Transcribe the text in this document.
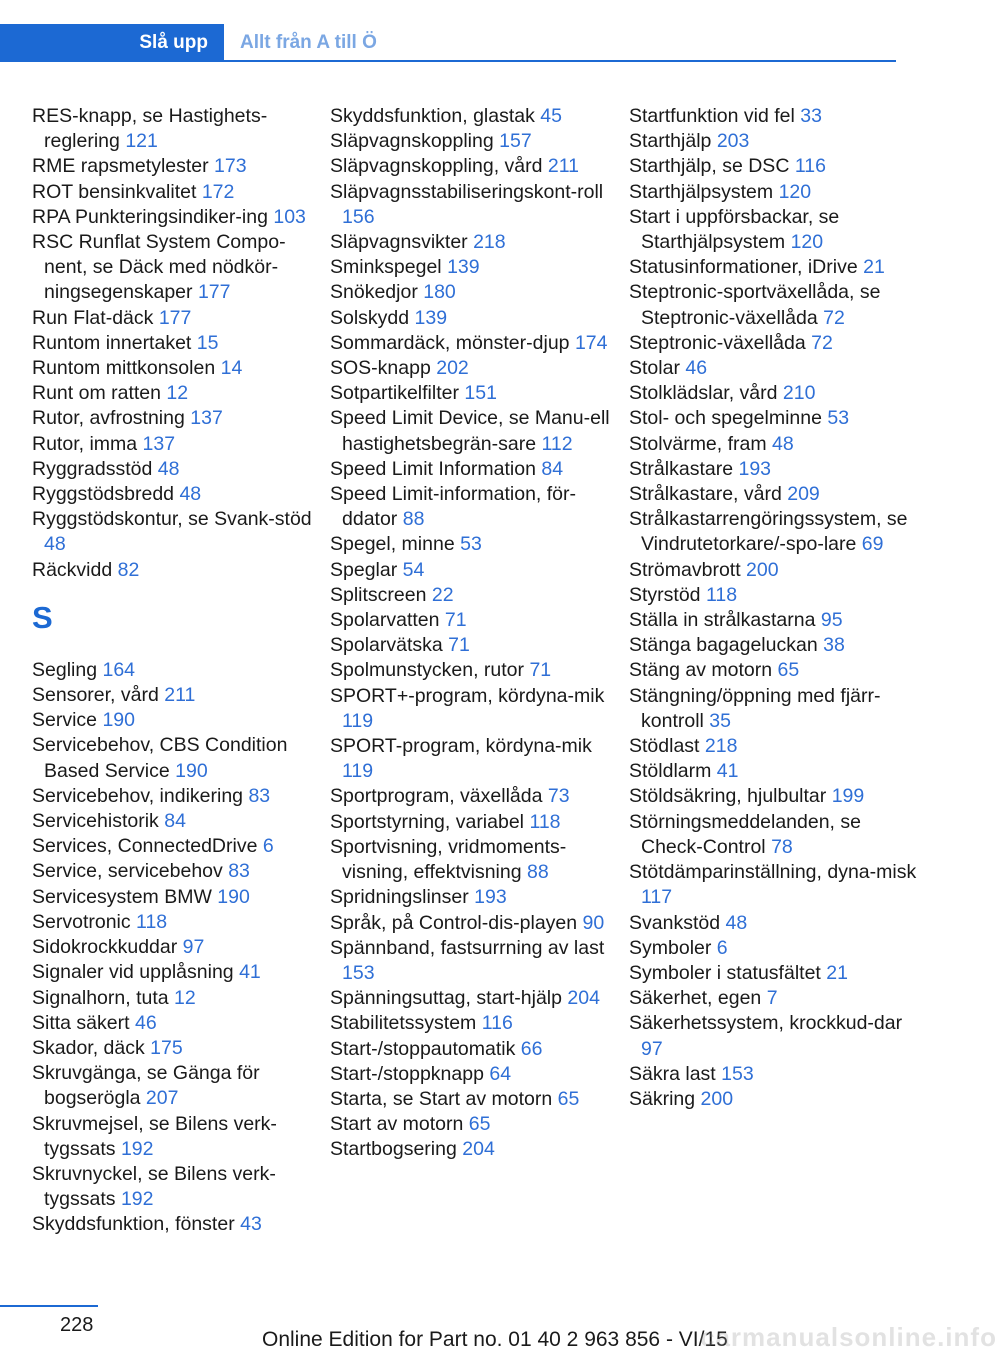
Slå upp	Allt från A till Ö
RES-knapp, se Hastighets-reglering 121
RME rapsmetylester 173
ROT bensinkvalitet 172
RPA Punkteringsindiker-ing 103
RSC Runflat System Compo-nent, se Däck med nödkör-ningsegenskaper 177
Run Flat-däck 177
Runtom innertaket 15
Runtom mittkonsolen 14
Runt om ratten 12
Rutor, avfrostning 137
Rutor, imma 137
Ryggradsstöd 48
Ryggstödsbredd 48
Ryggstödskontur, se Svank-stöd 48
Räckvidd 82
S
Segling 164
Sensorer, vård 211
Service 190
Servicebehov, CBS Condition Based Service 190
Servicebehov, indikering 83
Servicehistorik 84
Services, ConnectedDrive 6
Service, servicebehov 83
Servicesystem BMW 190
Servotronic 118
Sidokrockkuddar 97
Signaler vid upplåsning 41
Signalhorn, tuta 12
Sitta säkert 46
Skador, däck 175
Skruvgänga, se Gänga för bogserögla 207
Skruvmejsel, se Bilens verk-tygssats 192
Skruvnyckel, se Bilens verk-tygssats 192
Skyddsfunktion, fönster 43
Skyddsfunktion, glastak 45
Släpvagnskoppling 157
Släpvagnskoppling, vård 211
Släpvagnsstabiliseringskont-roll 156
Släpvagnsvikter 218
Sminkspegel 139
Snökedjor 180
Solskydd 139
Sommardäck, mönster-djup 174
SOS-knapp 202
Sotpartikelfilter 151
Speed Limit Device, se Manu-ell hastighetsbegrän-sare 112
Speed Limit Information 84
Speed Limit-information, för-ddator 88
Spegel, minne 53
Speglar 54
Splitscreen 22
Spolarvatten 71
Spolarvätska 71
Spolmunstycken, rutor 71
SPORT+-program, kördyna-mik 119
SPORT-program, kördyna-mik 119
Sportprogram, växellåda 73
Sportstyrning, variabel 118
Sportvisning, vridmoments-visning, effektvisning 88
Spridningslinser 193
Språk, på Control-dis-playen 90
Spännband, fastsurrning av last 153
Spänningsuttag, start-hjälp 204
Stabilitetssystem 116
Start-/stoppautomatik 66
Start-/stoppknapp 64
Starta, se Start av motorn 65
Start av motorn 65
Startbogsering 204
Startfunktion vid fel 33
Starthjälp 203
Starthjälp, se DSC 116
Starthjälpsystem 120
Start i uppförsbackar, se Starthjälpsystem 120
Statusinformationer, iDrive 21
Steptronic-sportväxellåda, se Steptronic-växellåda 72
Steptronic-växellåda 72
Stolar 46
Stolklädslar, vård 210
Stol- och spegelminne 53
Stolvärme, fram 48
Strålkastare 193
Strålkastare, vård 209
Strålkastarrengöringssystem, se Vindrutetorkare/-spo-lare 69
Strömavbrott 200
Styrstöd 118
Ställa in strålkastarna 95
Stänga bagageluckan 38
Stäng av motorn 65
Stängning/öppning med fjärr-kontroll 35
Stödlast 218
Stöldlarm 41
Stöldsäkring, hjulbultar 199
Störningsmeddelanden, se Check-Control 78
Stötdämparinställning, dyna-misk 117
Svankstöd 48
Symboler 6
Symboler i statusfältet 21
Säkerhet, egen 7
Säkerhetssystem, krockkud-dar 97
Säkra last 153
Säkring 200
228
Online Edition for Part no. 01 40 2 963 856 - VI/15
carmanualsonline.info
